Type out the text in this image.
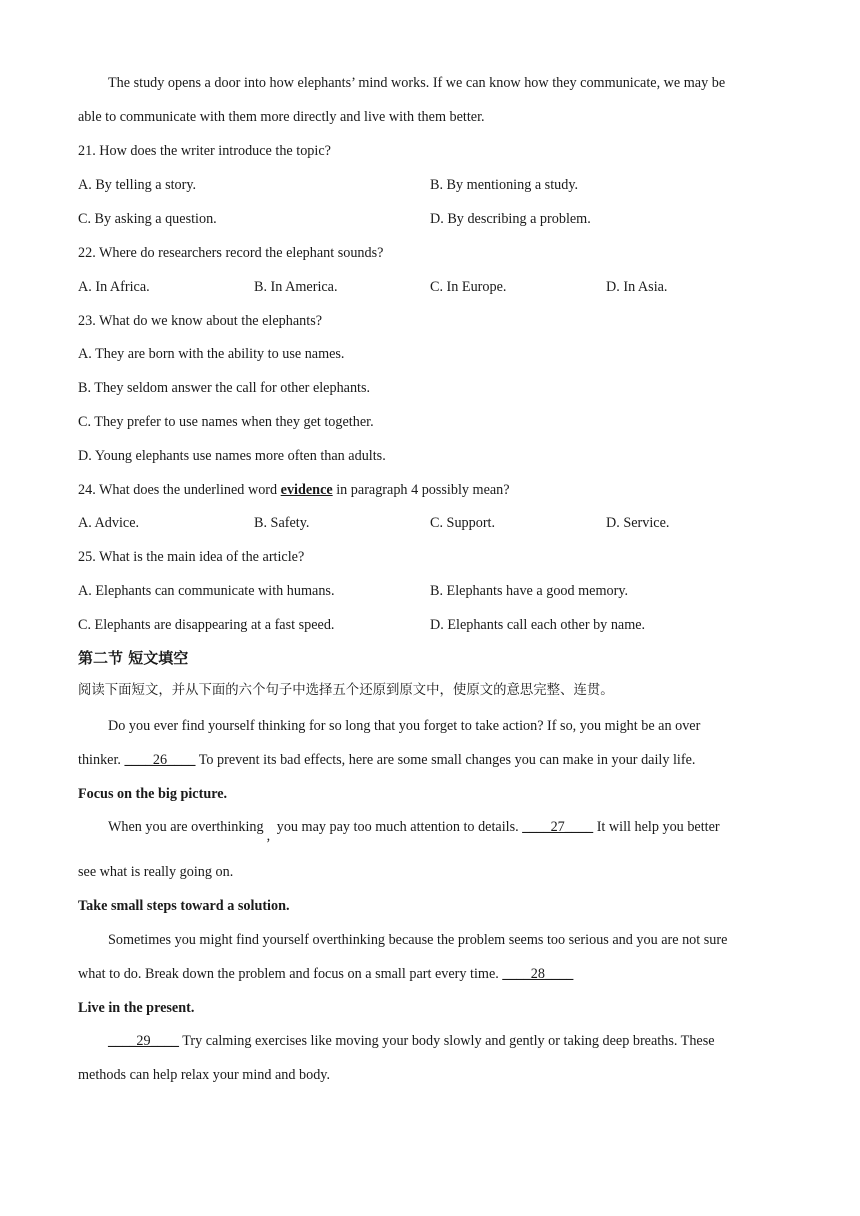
The study opens a door into how elephants’ mind works. If we can know how they communicate, we may be
able to communicate with them more directly and live with them better.
21. How does the writer introduce the topic?
A. By telling a story.	B. By mentioning a study.
C. By asking a question.	D. By describing a problem.
22. Where do researchers record the elephant sounds?
A. In Africa.	B. In America.	C. In Europe.	D. In Asia.
23. What do we know about the elephants?
A. They are born with the ability to use names.
B. They seldom answer the call for other elephants.
C. They prefer to use names when they get together.
D. Young elephants use names more often than adults.
24. What does the underlined word evidence in paragraph 4 possibly mean?
A. Advice.	B. Safety.	C. Support.	D. Service.
25. What is the main idea of the article?
A. Elephants can communicate with humans.	B. Elephants have a good memory.
C. Elephants are disappearing at a fast speed.	D. Elephants call each other by name.
第二节 短文填空
阅读下面短文，并从下面的六个句子中选择五个还原到原文中，使原文的意思完整、连贯。
Do you ever find yourself thinking for so long that you forget to take action? If so, you might be an over
thinker. ____26____ To prevent its bad effects, here are some small changes you can make in your daily life.
Focus on the big picture.
When you are overthinking, you may pay too much attention to details. ____27____ It will help you better
see what is really going on.
Take small steps toward a solution.
Sometimes you might find yourself overthinking because the problem seems too serious and you are not sure
what to do. Break down the problem and focus on a small part every time. ____28____
Live in the present.
____29____ Try calming exercises like moving your body slowly and gently or taking deep breaths. These
methods can help relax your mind and body.
